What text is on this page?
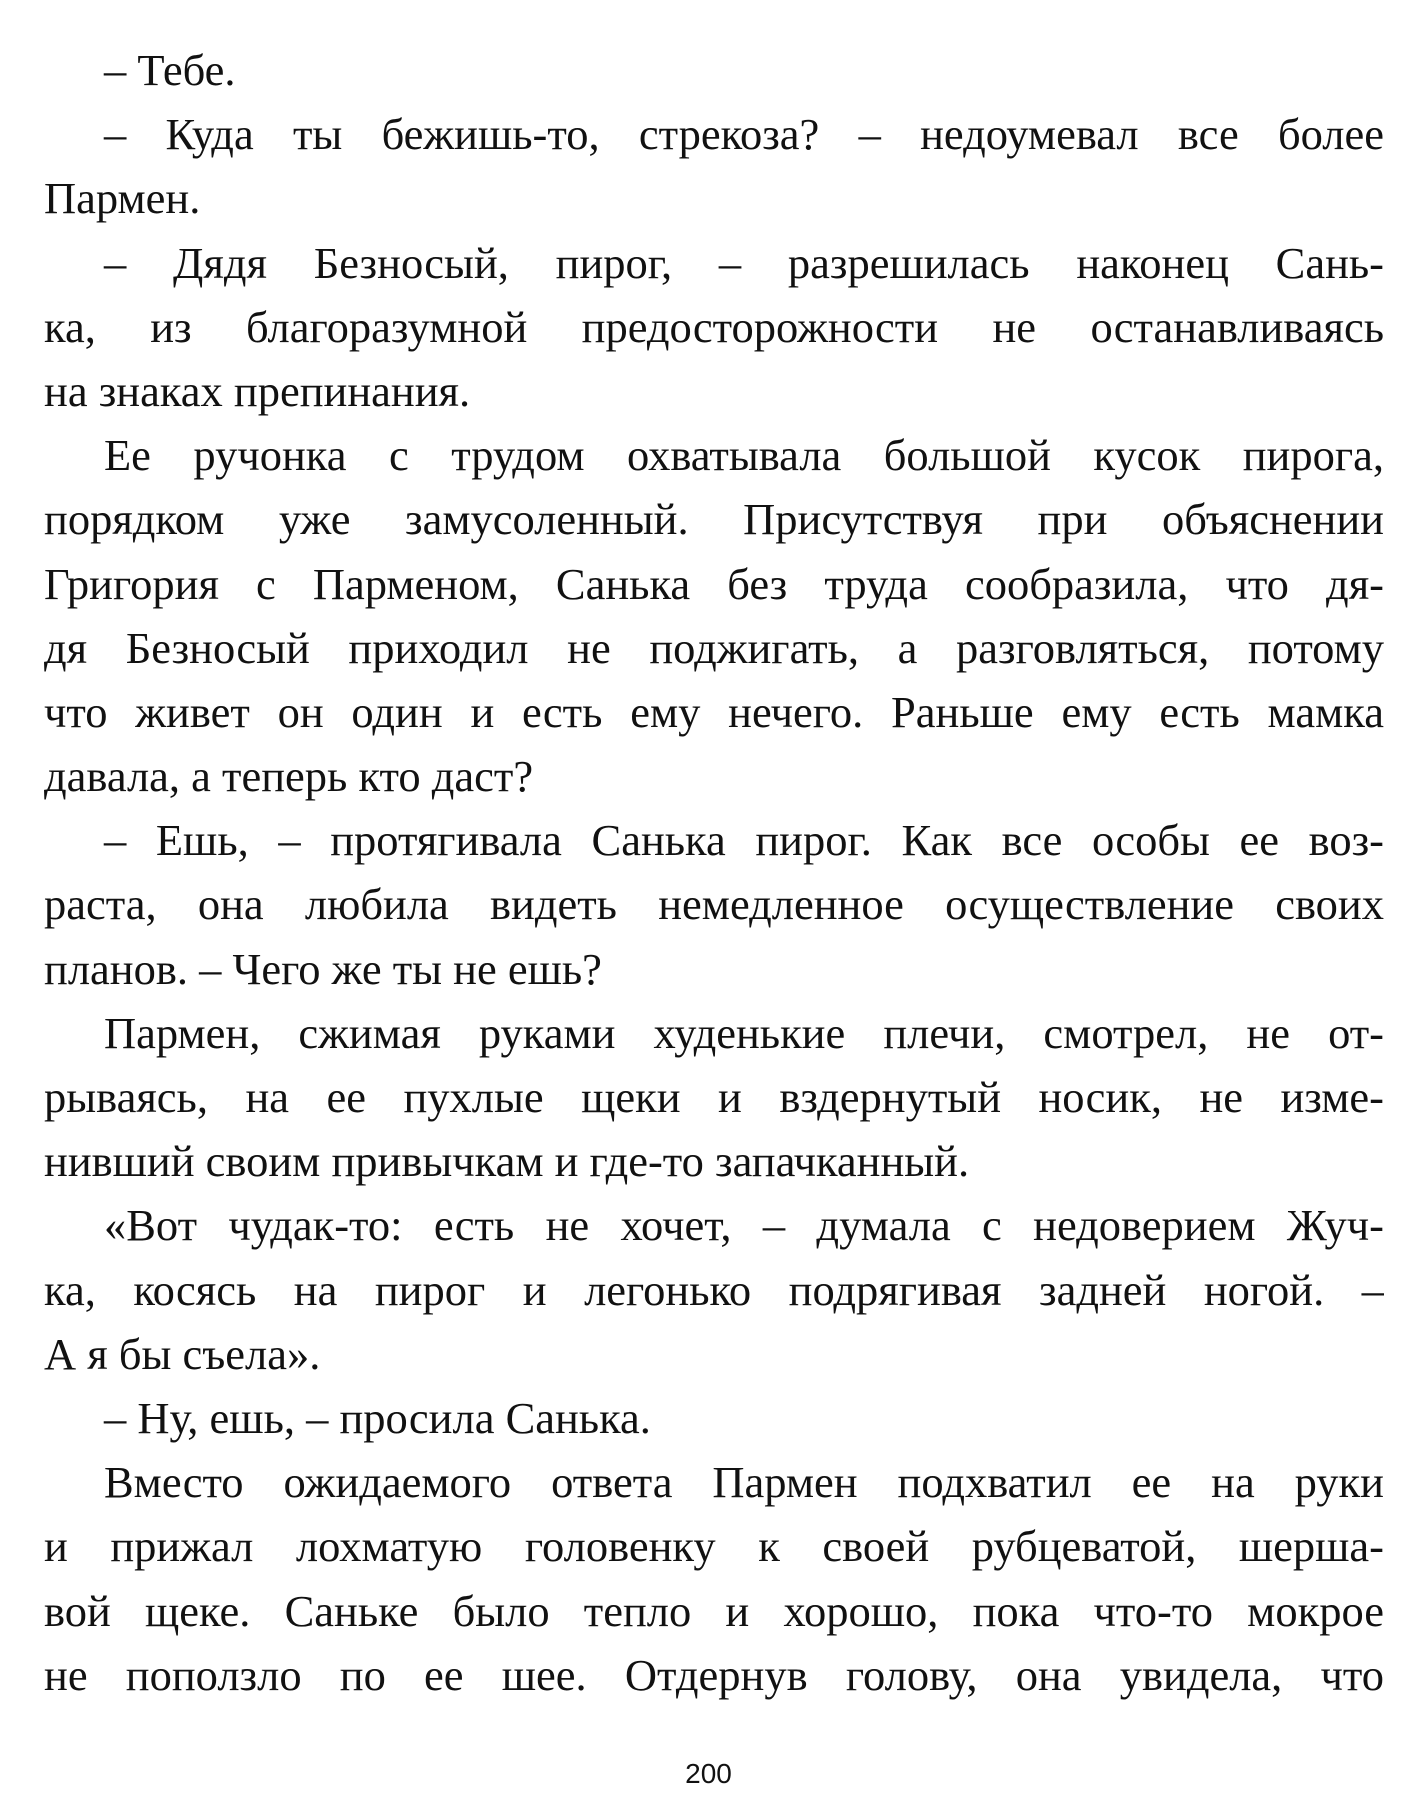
– Тебе.
– Куда ты бежишь-то, стрекоза? – недоумевал все более
Пармен.
– Дядя Безносый, пирог, – разрешилась наконец Сань-
ка, из благоразумной предосторожности не останавливаясь
на знаках препинания.
Ее ручонка с трудом охватывала большой кусок пирога,
порядком уже замусоленный. Присутствуя при объяснении
Григория с Пармeном, Санька без труда сообразила, что дя-
дя Безносый приходил не поджигать, а разговляться, потому
что живет он один и есть ему нечего. Раньше ему есть мамка
давала, а теперь кто даст?
– Ешь, – протягивала Санька пирог. Как все особы ее воз-
раста, она любила видеть немедленное осуществление своих
планов. – Чего же ты не ешь?
Пармен, сжимая руками худенькие плечи, смотрел, не от-
рываясь, на ее пухлые щеки и вздернутый носик, не изме-
нивший своим привычкам и где-то запачканный.
«Вот чудак-то: есть не хочет, – думала с недоверием Жуч-
ка, косясь на пирог и легонько подрягивая задней ногой. –
А я бы съела».
– Ну, ешь, – просила Санька.
Вместо ожидаемого ответа Пармен подхватил ее на руки
и прижал лохматую головенку к своей рубцеватой, шерша-
вой щеке. Саньке было тепло и хорошо, пока что-то мокрое
не поползло по ее шее. Отдернув голову, она увидела, что
200
